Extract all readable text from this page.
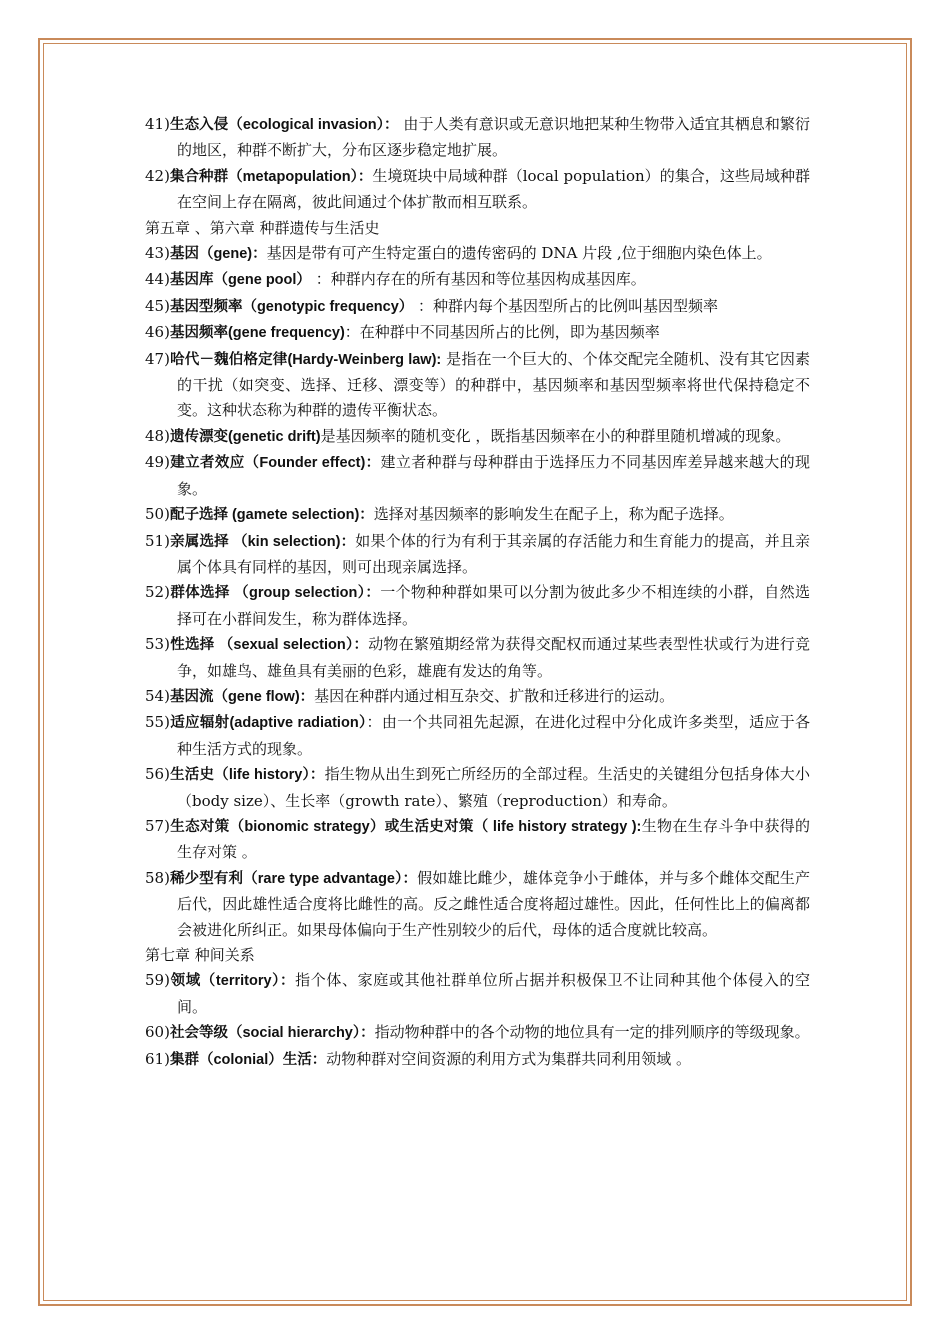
41)生态入侵（ecological invasion）： 由于人类有意识或无意识地把某种生物带入适宜其栖息和繁衍的地区，种群不断扩大，分布区逐步稳定地扩展。

42)集合种群（metapopulation）：生境斑块中局域种群（local population）的集合，这些局域种群在空间上存在隔离，彼此间通过个体扩散而相互联系。

第五章 、第六章 种群遗传与生活史

43)基因（gene)：基因是带有可产生特定蛋白的遗传密码的 DNA 片段 ,位于细胞内染色体上。

44)基因库（gene pool） ：种群内存在的所有基因和等位基因构成基因库。

45)基因型频率（genotypic frequency） ：种群内每个基因型所占的比例叫基因型频率

46)基因频率(gene frequency)：在种群中不同基因所占的比例，即为基因频率

47)哈代－魏伯格定律(Hardy-Weinberg law): 是指在一个巨大的、个体交配完全随机、没有其它因素的干扰（如突变、选择、迁移、漂变等）的种群中，基因频率和基因型频率将世代保持稳定不变。这种状态称为种群的遗传平衡状态。

48)遗传漂变(genetic drift)是基因频率的随机变化 ，既指基因频率在小的种群里随机增减的现象。

49)建立者效应（Founder effect)：建立者种群与母种群由于选择压力不同基因库差异越来越大的现象。

50)配子选择 (gamete selection)：选择对基因频率的影响发生在配子上，称为配子选择。

51)亲属选择 （kin selection)：如果个体的行为有利于其亲属的存活能力和生育能力的提高，并且亲属个体具有同样的基因，则可出现亲属选择。

52)群体选择 （group selection）：一个物种种群如果可以分割为彼此多少不相连续的小群，自然选择可在小群间发生，称为群体选择。

53)性选择 （sexual selection）：动物在繁殖期经常为获得交配权而通过某些表型性状或行为进行竞争，如雄鸟、雄鱼具有美丽的色彩，雄鹿有发达的角等。

54)基因流（gene flow)：基因在种群内通过相互杂交、扩散和迁移进行的运动。

55)适应辐射(adaptive radiation）：由一个共同祖先起源，在进化过程中分化成许多类型，适应于各种生活方式的现象。

56)生活史（life history）：指生物从出生到死亡所经历的全部过程。生活史的关键组分包括身体大小（body size）、生长率（growth rate）、繁殖（reproduction）和寿命。

57)生态对策（bionomic strategy）或生活史对策（ life history strategy ):生物在生存斗争中获得的生存对策 。

58)稀少型有利（rare type advantage）：假如雄比雌少，雄体竞争小于雌体，并与多个雌体交配生产后代，因此雄性适合度将比雌性的高。反之雌性适合度将超过雄性。因此，任何性比上的偏离都会被进化所纠正。如果母体偏向于生产性别较少的后代，母体的适合度就比较高。

第七章 种间关系

59)领域（territory）：指个体、家庭或其他社群单位所占据并积极保卫不让同种其他个体侵入的空间。

60)社会等级（social hierarchy）：指动物种群中的各个动物的地位具有一定的排列顺序的等级现象。

61)集群（colonial）生活：动物种群对空间资源的利用方式为集群共同利用领域 。
